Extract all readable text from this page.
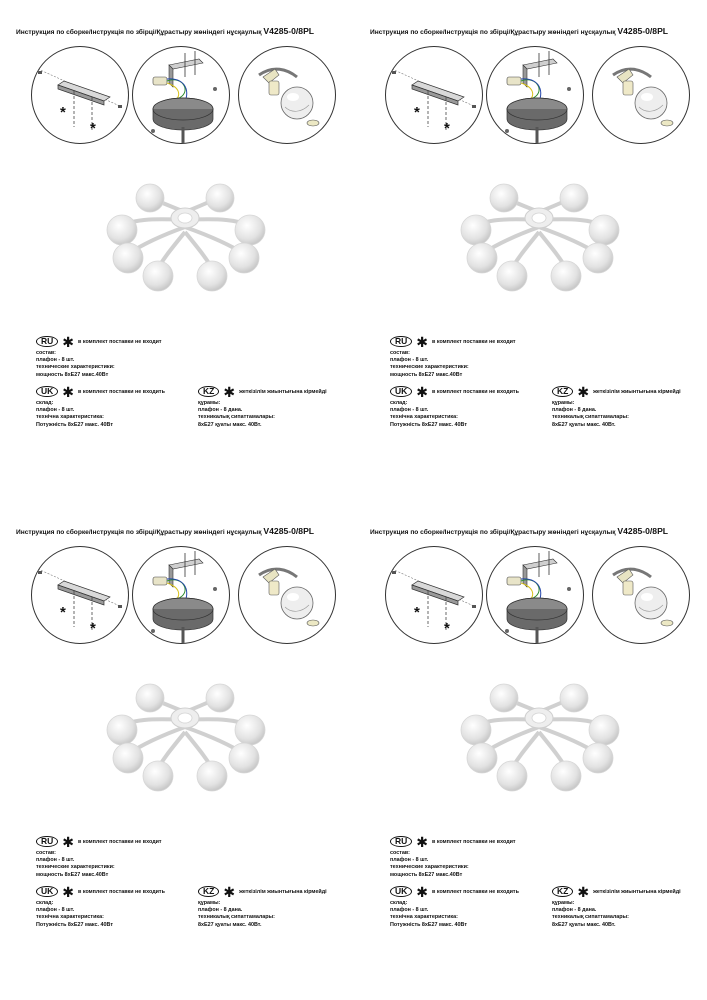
Инструкция по сборке/Інструкція по збірці/Құрастыру жөніндегі нұсқаулық V4285-0/8PL
*
*
RU ✱ в комплект поставки не входит
состав:
плафон - 8 шт.
технические характеристики:
мощность 8хЕ27 макс.40Вт
UK ✱ в комплект поставки не входить
склад:
плафон - 8 шт.
технічна характеристика:
Потужність 8хЕ27 макс. 40Вт
KZ ✱ жеткізілім жиынтығына кірмейді
құрамы:
плафон - 8 дана.
техникалық сипаттамалары:
8хЕ27 қуаты макс. 40Вт.
Инструкция по сборке/Інструкція по збірці/Құрастыру жөніндегі нұсқаулық V4285-0/8PL
*
*
RU ✱ в комплект поставки не входит
состав:
плафон - 8 шт.
технические характеристики:
мощность 8хЕ27 макс.40Вт
UK ✱ в комплект поставки не входить
склад:
плафон - 8 шт.
технічна характеристика:
Потужність 8хЕ27 макс. 40Вт
KZ ✱ жеткізілім жиынтығына кірмейді
құрамы:
плафон - 8 дана.
техникалық сипаттамалары:
8хЕ27 қуаты макс. 40Вт.
Инструкция по сборке/Інструкція по збірці/Құрастыру жөніндегі нұсқаулық V4285-0/8PL
*
*
RU ✱ в комплект поставки не входит
состав:
плафон - 8 шт.
технические характеристики:
мощность 8хЕ27 макс.40Вт
UK ✱ в комплект поставки не входить
склад:
плафон - 8 шт.
технічна характеристика:
Потужність 8хЕ27 макс. 40Вт
KZ ✱ жеткізілім жиынтығына кірмейді
құрамы:
плафон - 8 дана.
техникалық сипаттамалары:
8хЕ27 қуаты макс. 40Вт.
Инструкция по сборке/Інструкція по збірці/Құрастыру жөніндегі нұсқаулық V4285-0/8PL
*
*
RU ✱ в комплект поставки не входит
состав:
плафон - 8 шт.
технические характеристики:
мощность 8хЕ27 макс.40Вт
UK ✱ в комплект поставки не входить
склад:
плафон - 8 шт.
технічна характеристика:
Потужність 8хЕ27 макс. 40Вт
KZ ✱ жеткізілім жиынтығына кірмейді
құрамы:
плафон - 8 дана.
техникалық сипаттамалары:
8хЕ27 қуаты макс. 40Вт.
